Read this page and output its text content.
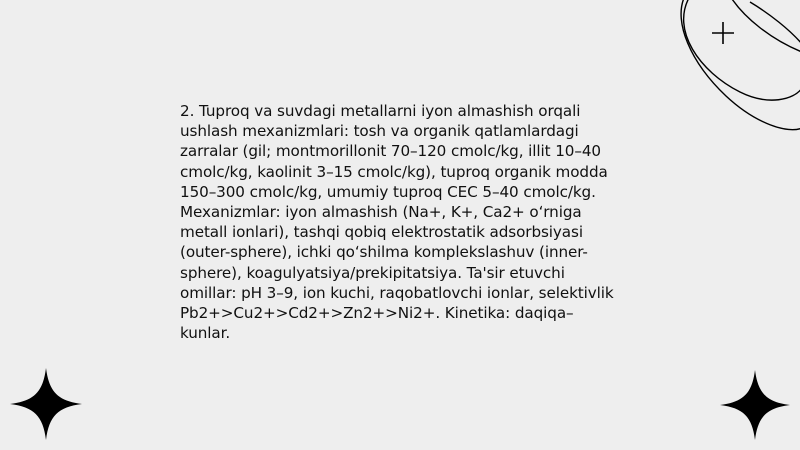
2. Tuproq va suvdagi metallarni iyon almashish orqali ushlash mexanizmlari: tosh va organik qatlamlardagi zarralar (gil; montmorillonit 70–120 cmolc/kg, illit 10–40 cmolc/kg, kaolinit 3–15 cmolc/kg), tuproq organik modda 150–300 cmolc/kg, umumiy tuproq CEC 5–40 cmolc/kg. Mexanizmlar: iyon almashish (Na+, K+, Ca2+ oʻrniga metall ionlari), tashqi qobiq elektrostatik adsorbsiyasi (outer-sphere), ichki qoʻshilma komplekslashuv (inner-sphere), koagulyatsiya/prekipitatsiya. Ta'sir etuvchi omillar: pH 3–9, ion kuchi, raqobatlovchi ionlar, selektivlik Pb2+>Cu2+>Cd2+>Zn2+>Ni2+. Kinetika: daqiqa–kunlar.
